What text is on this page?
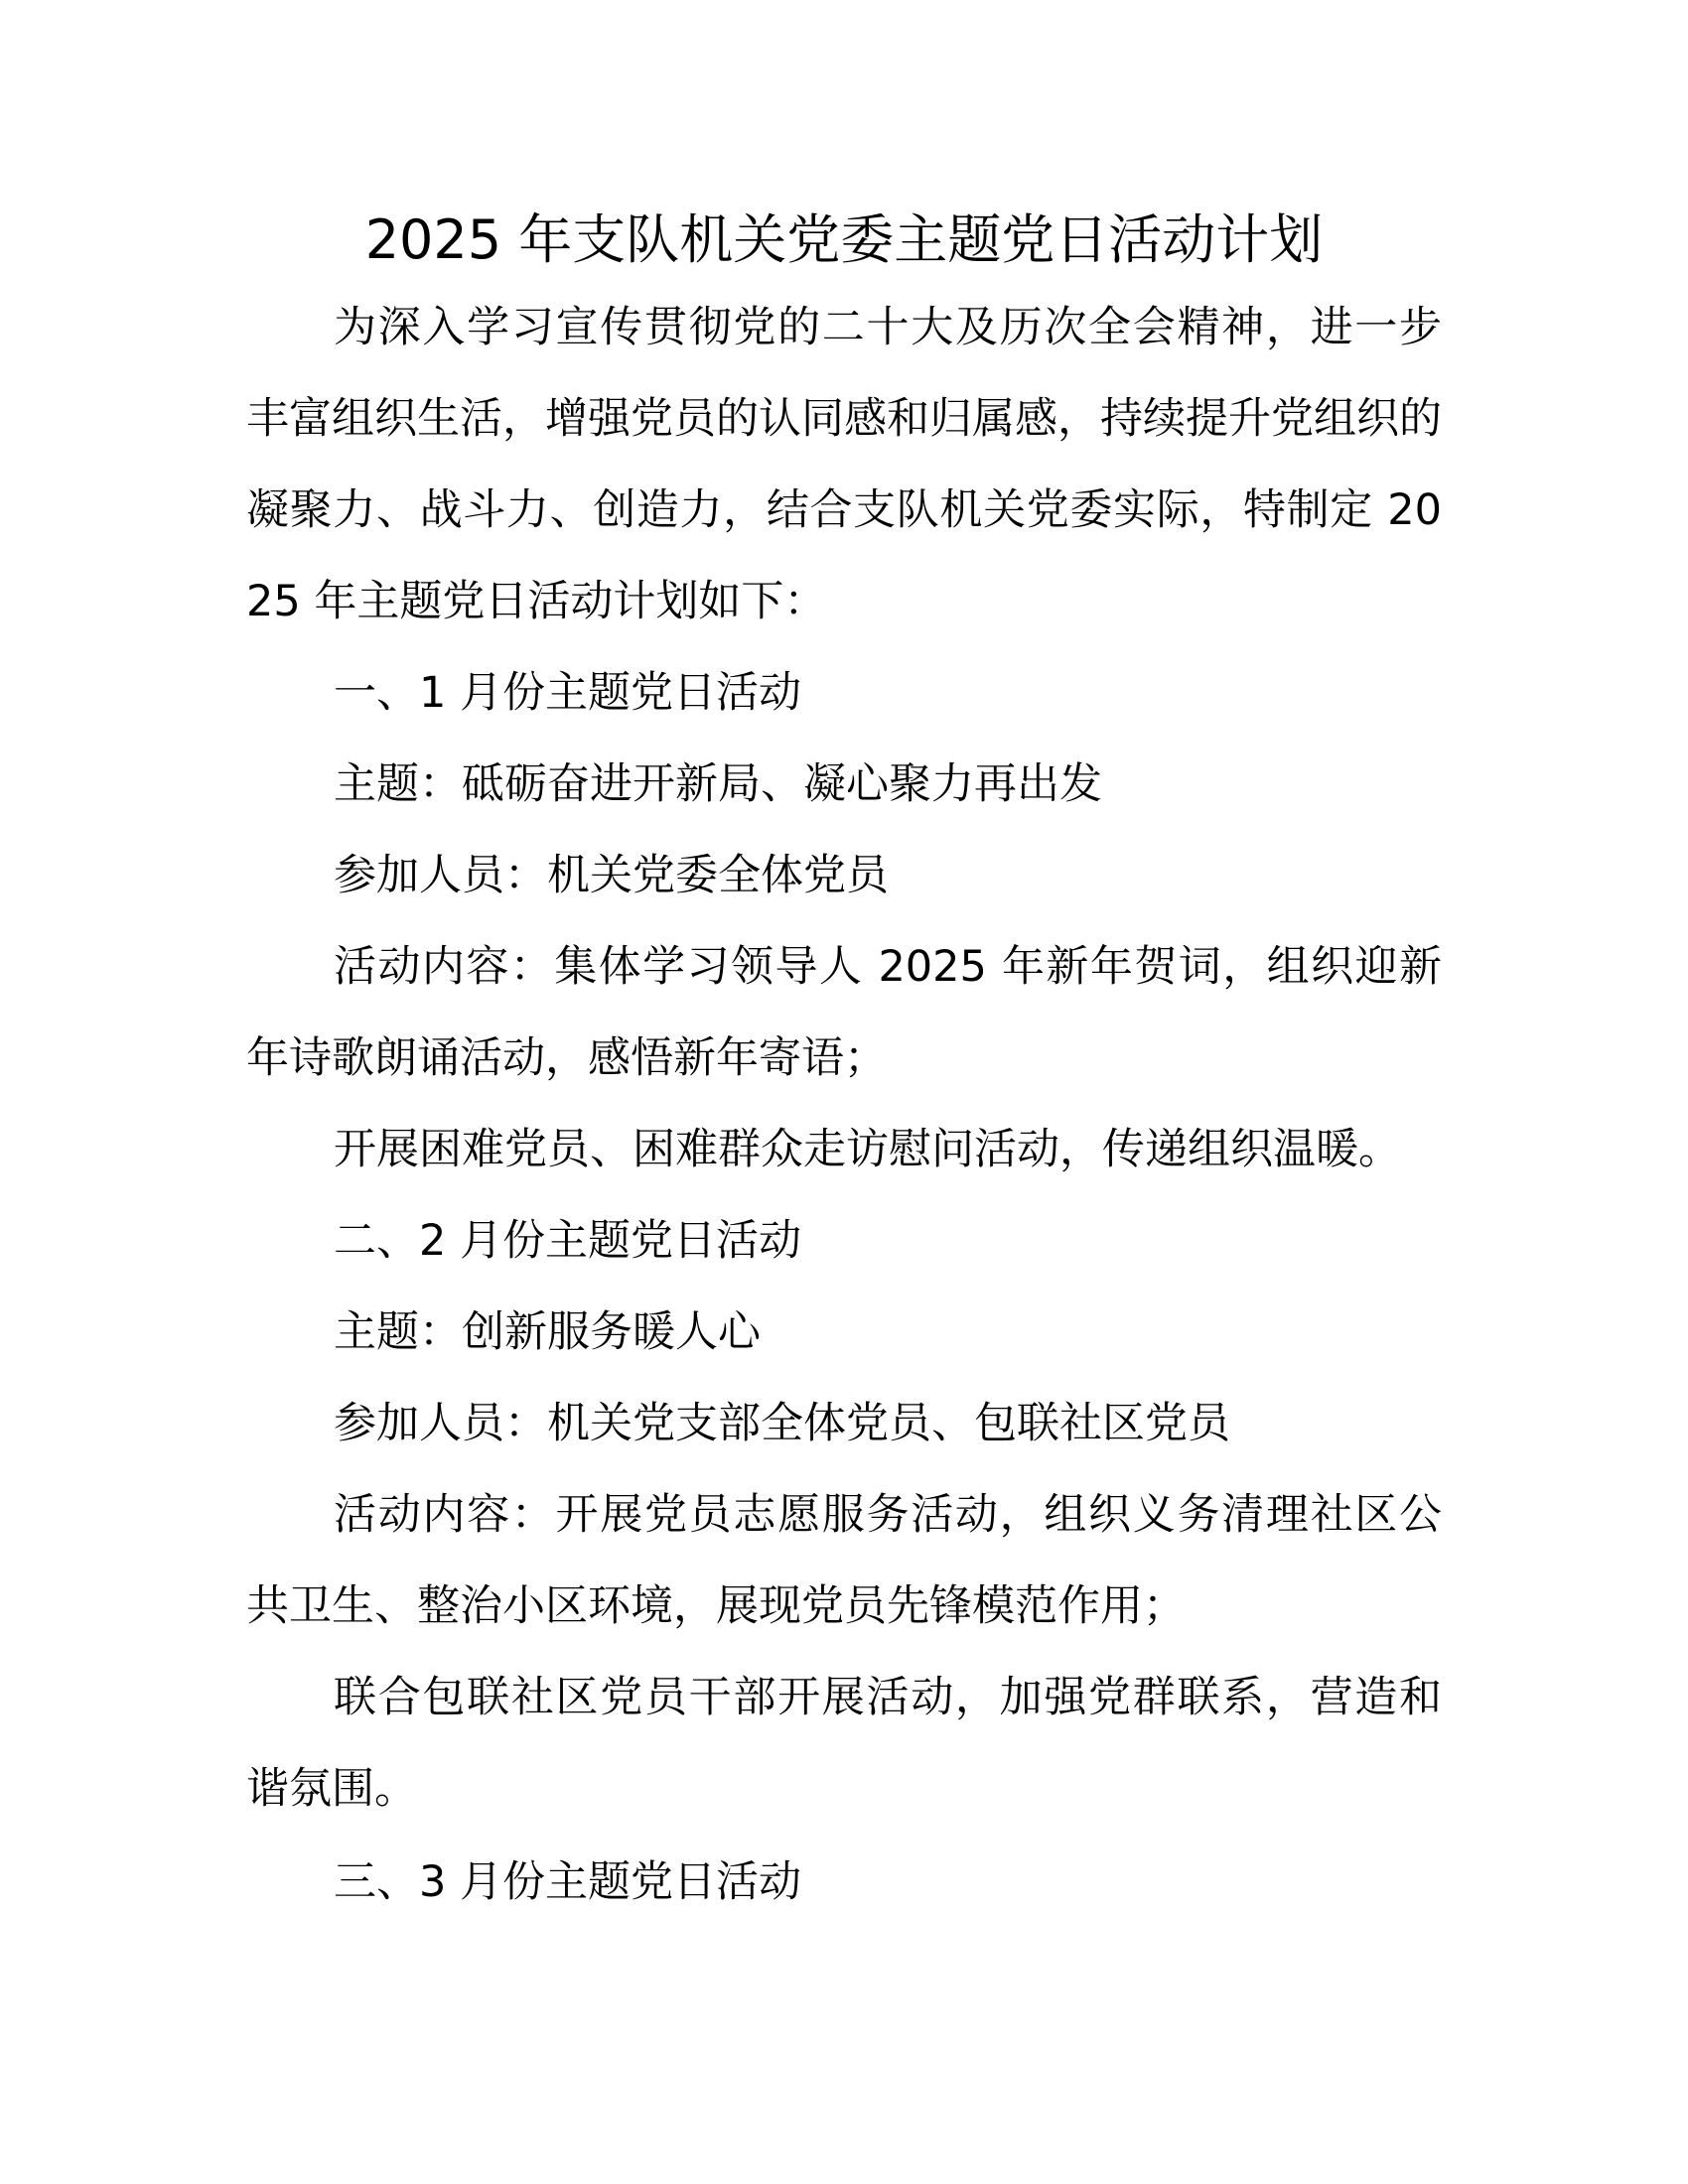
2025 年支队机关党委主题党日活动计划

为深入学习宣传贯彻党的二十大及历次全会精神，进一步丰富组织生活，增强党员的认同感和归属感，持续提升党组织的凝聚力、战斗力、创造力，结合支队机关党委实际，特制定 2025 年主题党日活动计划如下：

一、1 月份主题党日活动

主题：砥砺奋进开新局、凝心聚力再出发

参加人员：机关党委全体党员

活动内容：集体学习领导人 2025 年新年贺词，组织迎新年诗歌朗诵活动，感悟新年寄语；

开展困难党员、困难群众走访慰问活动，传递组织温暖。

二、2 月份主题党日活动

主题：创新服务暖人心

参加人员：机关党支部全体党员、包联社区党员

活动内容：开展党员志愿服务活动，组织义务清理社区公共卫生、整治小区环境，展现党员先锋模范作用；

联合包联社区党员干部开展活动，加强党群联系，营造和谐氛围。

三、3 月份主题党日活动
